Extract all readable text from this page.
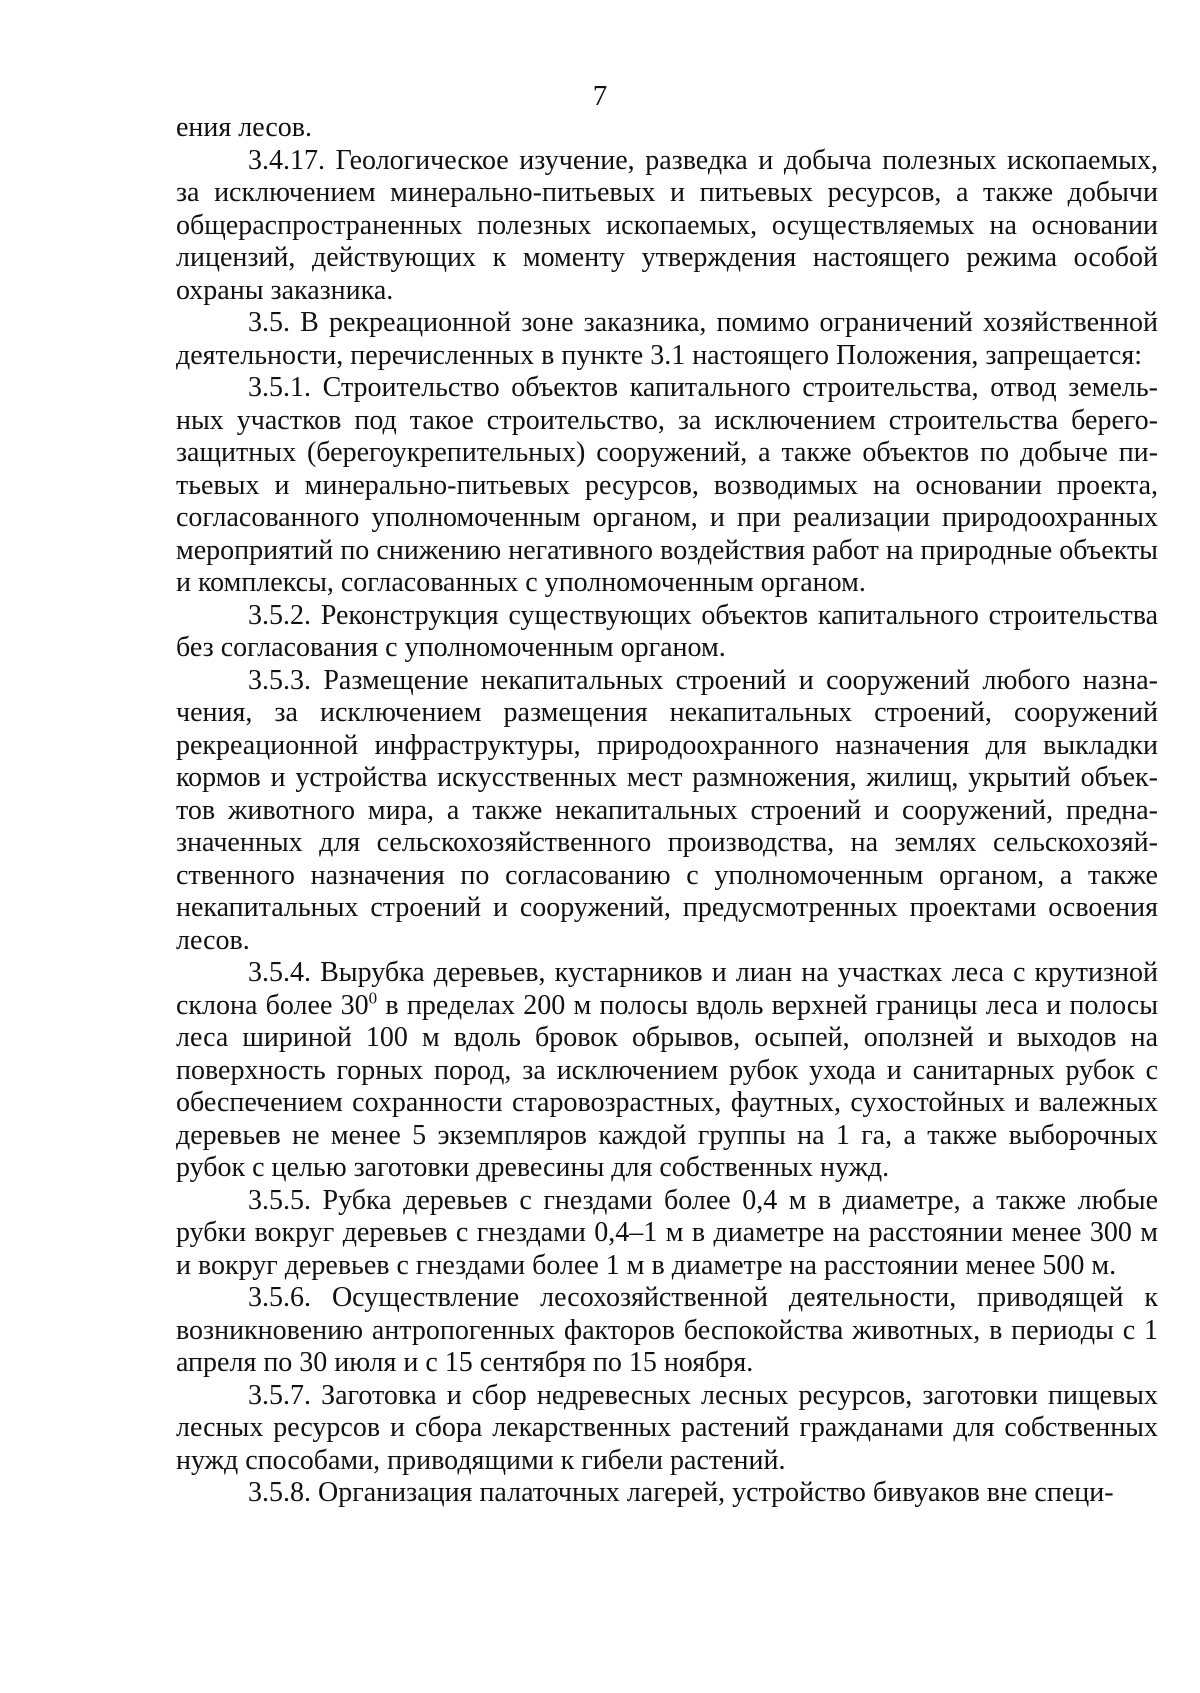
7

ения лесов.

3.4.17. Геологическое изучение, разведка и добыча полезных ископаемых, за исключением минерально-питьевых и питьевых ресурсов, а также добычи общераспространенных полезных ископаемых, осуществляемых на основании лицензий, действующих к моменту утверждения настоящего режима особой охраны заказника.

3.5. В рекреационной зоне заказника, помимо ограничений хозяйственной деятельности, перечисленных в пункте 3.1 настоящего Положения, запрещается:

3.5.1. Строительство объектов капитального строительства, отвод земельных участков под такое строительство, за исключением строительства берегозащитных (берегоукрепительных) сооружений, а также объектов по добыче питьевых и минерально-питьевых ресурсов, возводимых на основании проекта, согласованного уполномоченным органом, и при реализации природоохранных мероприятий по снижению негативного воздействия работ на природные объекты и комплексы, согласованных с уполномоченным органом.

3.5.2. Реконструкция существующих объектов капитального строительства без согласования с уполномоченным органом.

3.5.3. Размещение некапитальных строений и сооружений любого назначения, за исключением размещения некапитальных строений, сооружений рекреационной инфраструктуры, природоохранного назначения для выкладки кормов и устройства искусственных мест размножения, жилищ, укрытий объектов животного мира, а также некапитальных строений и сооружений, предназначенных для сельскохозяйственного производства, на землях сельскохозяйственного назначения по согласованию с уполномоченным органом, а также некапитальных строений и сооружений, предусмотренных проектами освоения лесов.

3.5.4. Вырубка деревьев, кустарников и лиан на участках леса с крутизной склона более $30^0$ в пределах 200 м полосы вдоль верхней границы леса и полосы леса шириной 100 м вдоль бровок обрывов, осыпей, оползней и выходов на поверхность горных пород, за исключением рубок ухода и санитарных рубок с обеспечением сохранности старовозрастных, фаутных, сухостойных и валежных деревьев не менее 5 экземпляров каждой группы на 1 га, а также выборочных рубок с целью заготовки древесины для собственных нужд.

3.5.5. Рубка деревьев с гнездами более 0,4 м в диаметре, а также любые рубки вокруг деревьев с гнездами 0,4–1 м в диаметре на расстоянии менее 300 м и вокруг деревьев с гнездами более 1 м в диаметре на расстоянии менее 500 м.

3.5.6. Осуществление лесохозяйственной деятельности, приводящей к возникновению антропогенных факторов беспокойства животных, в периоды с 1 апреля по 30 июля и с 15 сентября по 15 ноября.

3.5.7. Заготовка и сбор недревесных лесных ресурсов, заготовки пищевых лесных ресурсов и сбора лекарственных растений гражданами для собственных нужд способами, приводящими к гибели растений.

3.5.8. Организация палаточных лагерей, устройство бивуаков вне специ-
